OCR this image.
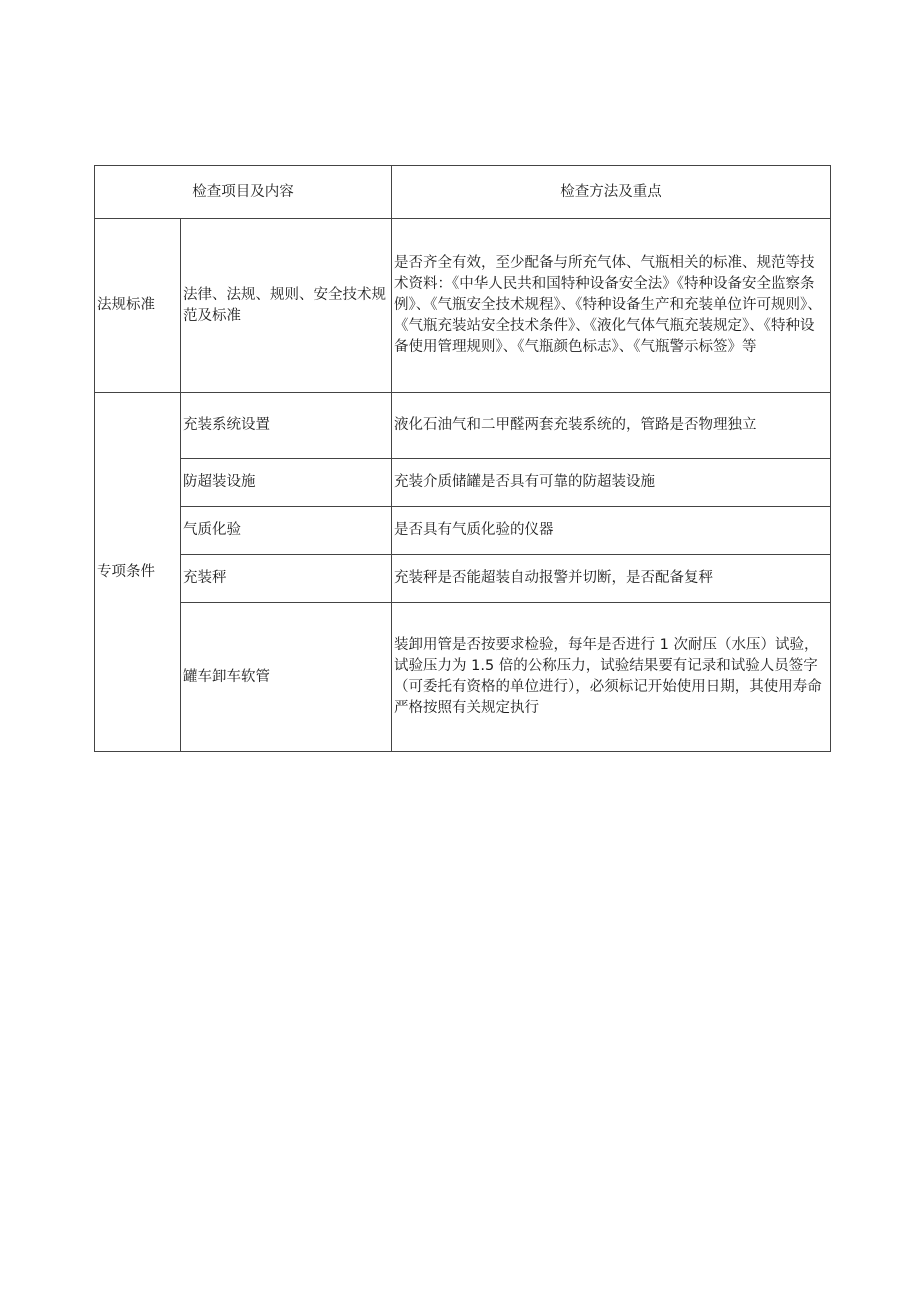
检查项目及内容		检查方法及重点
法规标准	法律、法规、规则、安全技术规范及标准	是否齐全有效，至少配备与所充气体、气瓶相关的标准、规范等技术资料：《中华人民共和国特种设备安全法》《特种设备安全监察条例》、《气瓶安全技术规程》、《特种设备生产和充装单位许可规则》、《气瓶充装站安全技术条件》、《液化气体气瓶充装规定》、《特种设备使用管理规则》、《气瓶颜色标志》、《气瓶警示标签》等
专项条件	充装系统设置	液化石油气和二甲醛两套充装系统的，管路是否物理独立
	防超装设施	充装介质储罐是否具有可靠的防超装设施
	气质化验	是否具有气质化验的仪器
	充装秤	充装秤是否能超装自动报警并切断，是否配备复秤
	罐车卸车软管	装卸用管是否按要求检验，每年是否进行 1 次耐压（水压）试验，试验压力为 1.5 倍的公称压力，试验结果要有记录和试验人员签字（可委托有资格的单位进行），必须标记开始使用日期，其使用寿命严格按照有关规定执行
